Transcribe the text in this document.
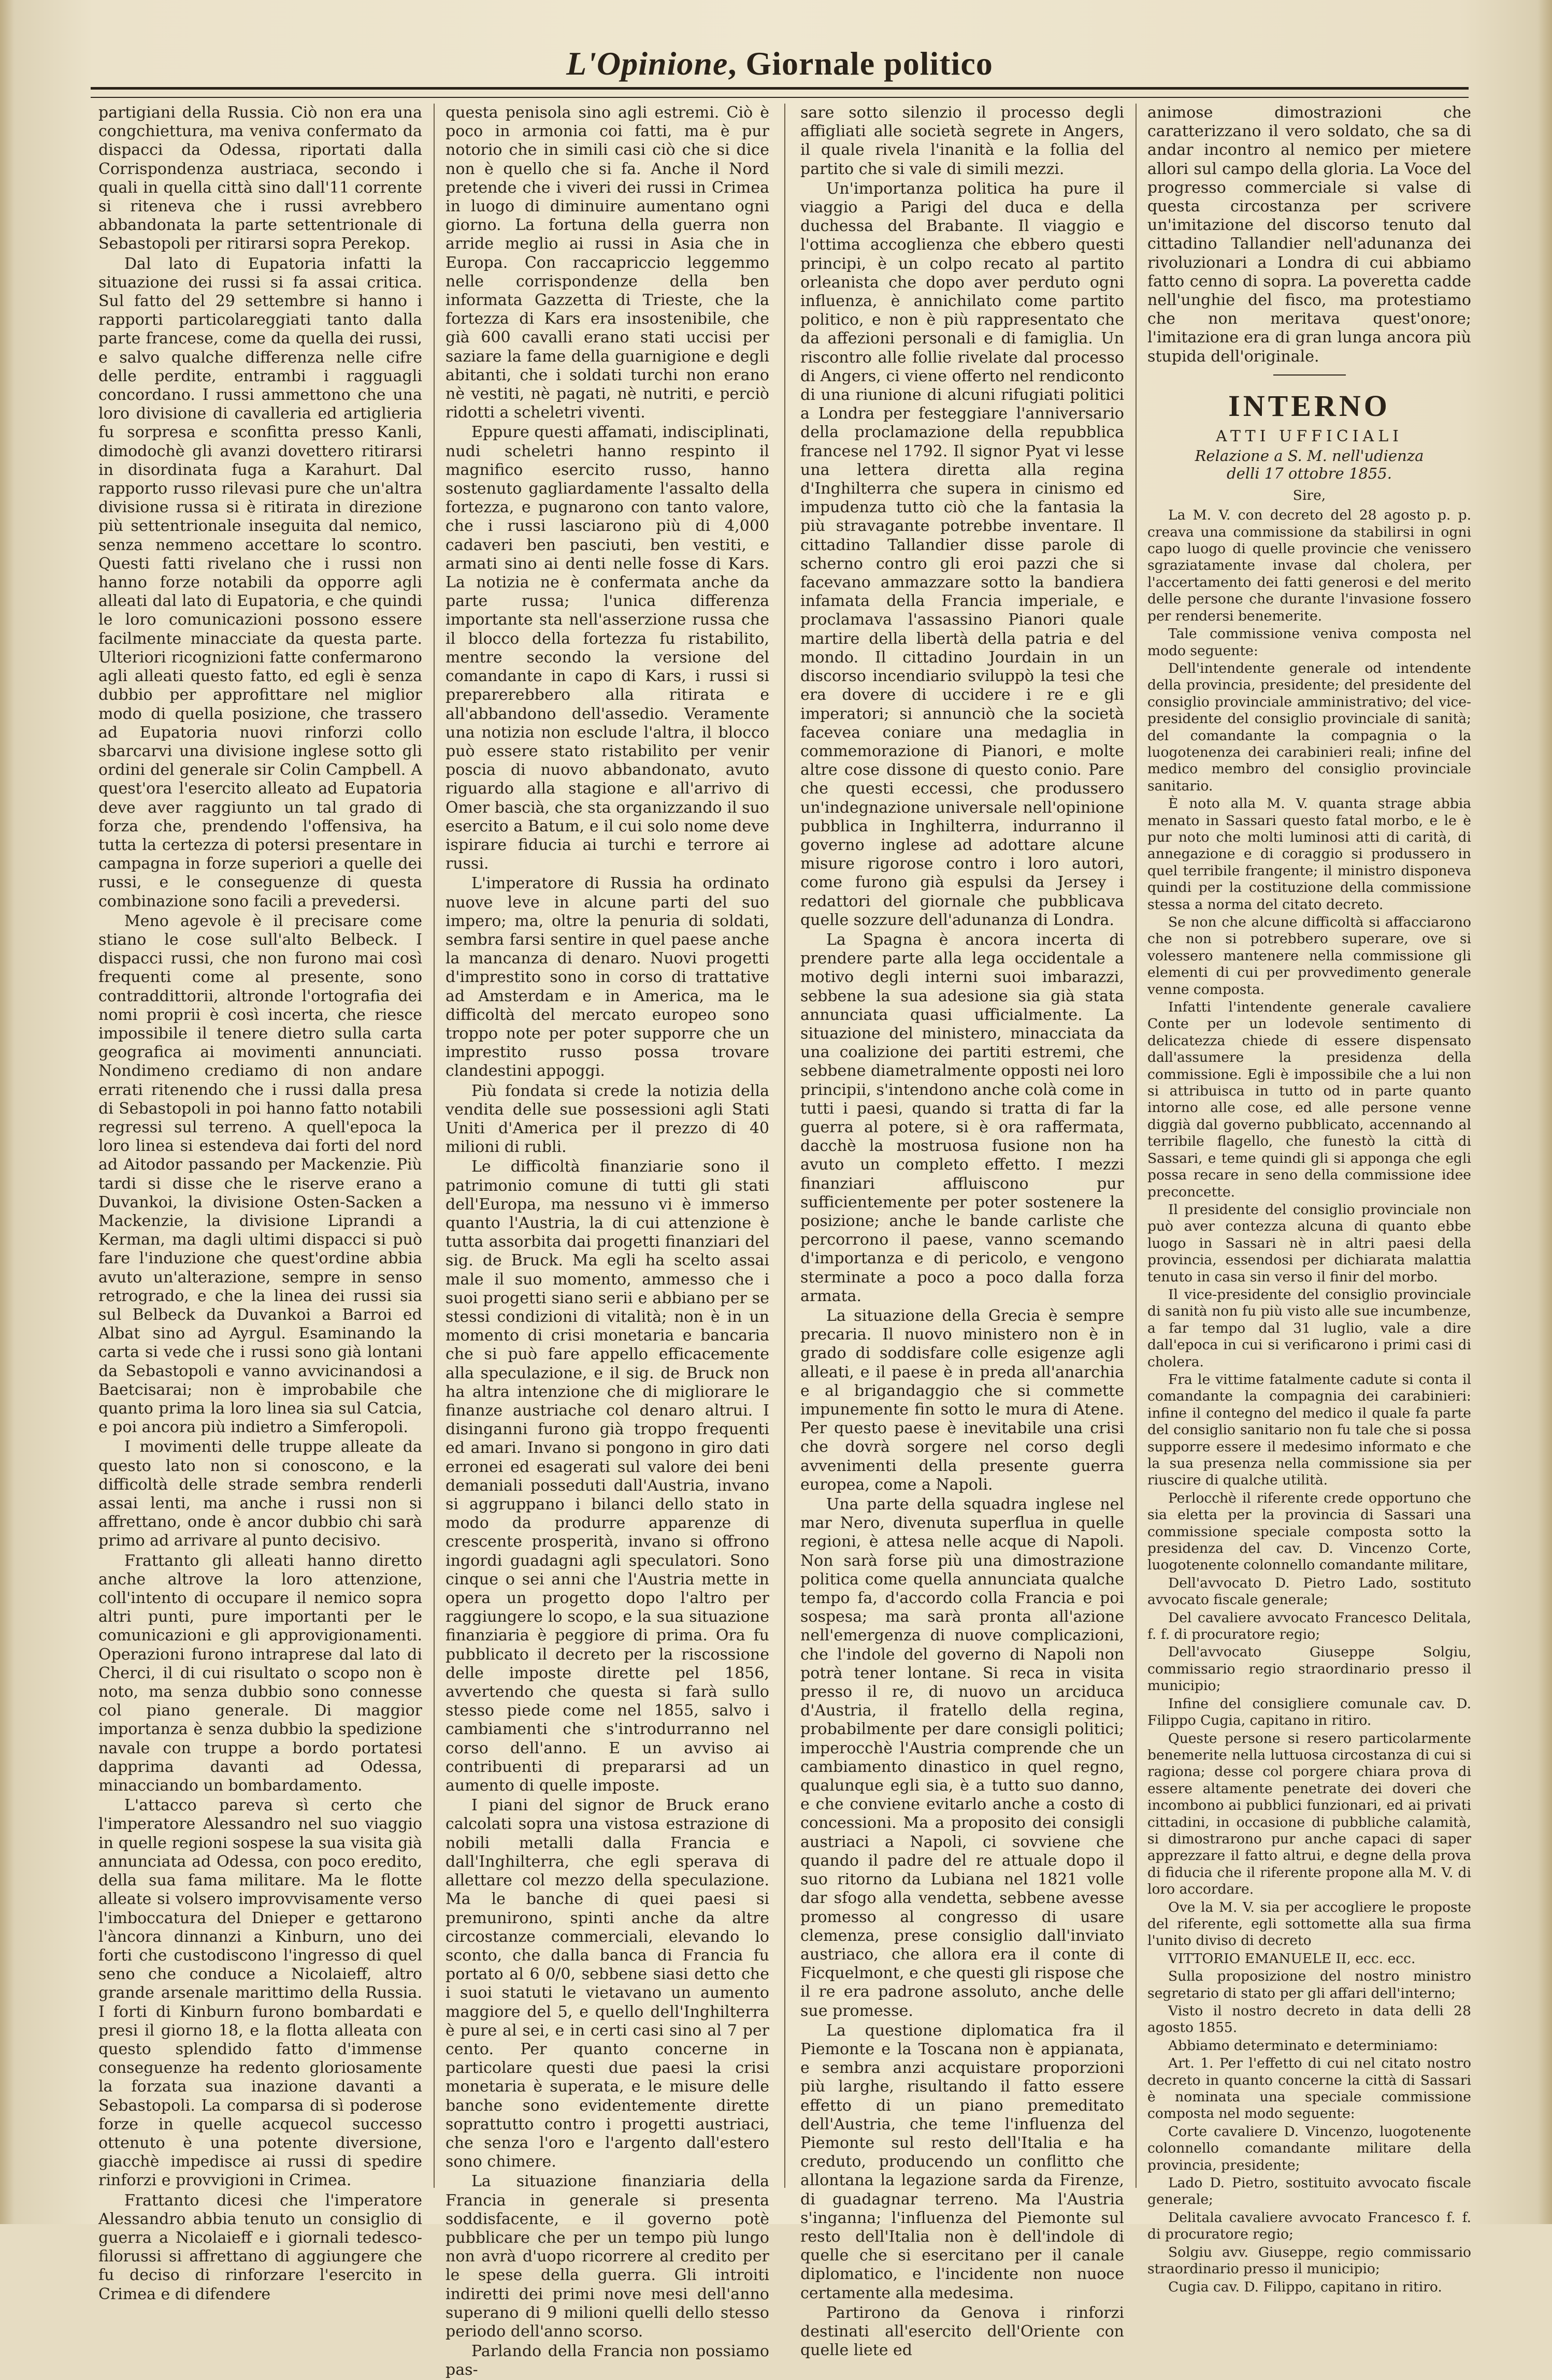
L'Opinione, Giornale politico

partigiani della Russia. Ciò non era una congchiettura, ma veniva confermato da dispacci da Odessa, riportati dalla Corrispondenza austriaca, secondo i quali in quella città sino dall'11 corrente si riteneva che i russi avrebbero abbandonata la parte settentrionale di Sebastopoli per ritirarsi sopra Perekop.

Dal lato di Eupatoria infatti la situazione dei russi si fa assai critica. Sul fatto del 29 settembre si hanno i rapporti particolareggiati tanto dalla parte francese, come da quella dei russi, e salvo qualche differenza nelle cifre delle perdite, entrambi i ragguagli concordano. I russi ammettono che una loro divisione di cavalleria ed artiglieria fu sorpresa e sconfitta presso Kanli, dimodochè gli avanzi dovettero ritirarsi in disordinata fuga a Karahurt. Dal rapporto russo rilevasi pure che un'altra divisione russa si è ritirata in direzione più settentrionale inseguita dal nemico, senza nemmeno accettare lo scontro. Questi fatti rivelano che i russi non hanno forze notabili da opporre agli alleati dal lato di Eupatoria, e che quindi le loro comunicazioni possono essere facilmente minacciate da questa parte. Ulteriori ricognizioni fatte confermarono agli alleati questo fatto, ed egli è senza dubbio per approfittare nel miglior modo di quella posizione, che trassero ad Eupatoria nuovi rinforzi collo sbarcarvi una divisione inglese sotto gli ordini del generale sir Colin Campbell. A quest'ora l'esercito alleato ad Eupatoria deve aver raggiunto un tal grado di forza che, prendendo l'offensiva, ha tutta la certezza di potersi presentare in campagna in forze superiori a quelle dei russi, e le conseguenze di questa combinazione sono facili a prevedersi.

Meno agevole è il precisare come stiano le cose sull'alto Belbeck. I dispacci russi, che non furono mai così frequenti come al presente, sono contraddittorii, altronde l'ortografia dei nomi proprii è così incerta, che riesce impossibile il tenere dietro sulla carta geografica ai movimenti annunciati. Nondimeno crediamo di non andare errati ritenendo che i russi dalla presa di Sebastopoli in poi hanno fatto notabili regressi sul terreno. A quell'epoca la loro linea si estendeva dai forti del nord ad Aitodor passando per Mackenzie. Più tardi si disse che le riserve erano a Duvankoi, la divisione Osten-Sacken a Mackenzie, la divisione Liprandi a Kerman, ma dagli ultimi dispacci si può fare l'induzione che quest'ordine abbia avuto un'alterazione, sempre in senso retrogrado, e che la linea dei russi sia sul Belbeck da Duvankoi a Barroi ed Albat sino ad Ayrgul. Esaminando la carta si vede che i russi sono già lontani da Sebastopoli e vanno avvicinandosi a Baetcisarai; non è improbabile che quanto prima la loro linea sia sul Catcia, e poi ancora più indietro a Simferopoli.

I movimenti delle truppe alleate da questo lato non si conoscono, e la difficoltà delle strade sembra renderli assai lenti, ma anche i russi non si affrettano, onde è ancor dubbio chi sarà primo ad arrivare al punto decisivo.

Frattanto gli alleati hanno diretto anche altrove la loro attenzione, coll'intento di occupare il nemico sopra altri punti, pure importanti per le comunicazioni e gli approvigionamenti. Operazioni furono intraprese dal lato di Cherci, il di cui risultato o scopo non è noto, ma senza dubbio sono connesse col piano generale. Di maggior importanza è senza dubbio la spedizione navale con truppe a bordo portatesi dapprima davanti ad Odessa, minacciando un bombardamento.

L'attacco pareva sì certo che l'imperatore Alessandro nel suo viaggio in quelle regioni sospese la sua visita già annunciata ad Odessa, con poco eredito, della sua fama militare. Ma le flotte alleate si volsero improvvisamente verso l'imboccatura del Dnieper e gettarono l'àncora dinnanzi a Kinburn, uno dei forti che custodiscono l'ingresso di quel seno che conduce a Nicolaieff, altro grande arsenale marittimo della Russia. I forti di Kinburn furono bombardati e presi il giorno 18, e la flotta alleata con questo splendido fatto d'immense conseguenze ha redento gloriosamente la forzata sua inazione davanti a Sebastopoli. La comparsa di sì poderose forze in quelle acquecol successo ottenuto è una potente diversione, giacchè impedisce ai russi di spedire rinforzi e provvigioni in Crimea.

Frattanto dicesi che l'imperatore Alessandro abbia tenuto un consiglio di guerra a Nicolaieff e i giornali tedesco-filorussi si affrettano di aggiungere che fu deciso di rinforzare l'esercito in Crimea e di difendere

questa penisola sino agli estremi. Ciò è poco in armonia coi fatti, ma è pur notorio che in simili casi ciò che si dice non è quello che si fa. Anche il Nord pretende che i viveri dei russi in Crimea in luogo di diminuire aumentano ogni giorno. La fortuna della guerra non arride meglio ai russi in Asia che in Europa. Con raccapriccio leggemmo nelle corrispondenze della ben informata Gazzetta di Trieste, che la fortezza di Kars era insostenibile, che già 600 cavalli erano stati uccisi per saziare la fame della guarnigione e degli abitanti, che i soldati turchi non erano nè vestiti, nè pagati, nè nutriti, e perciò ridotti a scheletri viventi.

Eppure questi affamati, indisciplinati, nudi scheletri hanno respinto il magnifico esercito russo, hanno sostenuto gagliardamente l'assalto della fortezza, e pugnarono con tanto valore, che i russi lasciarono più di 4,000 cadaveri ben pasciuti, ben vestiti, e armati sino ai denti nelle fosse di Kars. La notizia ne è confermata anche da parte russa; l'unica differenza importante sta nell'asserzione russa che il blocco della fortezza fu ristabilito, mentre secondo la versione del comandante in capo di Kars, i russi si preparerebbero alla ritirata e all'abbandono dell'assedio. Veramente una notizia non esclude l'altra, il blocco può essere stato ristabilito per venir poscia di nuovo abbandonato, avuto riguardo alla stagione e all'arrivo di Omer bascià, che sta organizzando il suo esercito a Batum, e il cui solo nome deve ispirare fiducia ai turchi e terrore ai russi.

L'imperatore di Russia ha ordinato nuove leve in alcune parti del suo impero; ma, oltre la penuria di soldati, sembra farsi sentire in quel paese anche la mancanza di denaro. Nuovi progetti d'imprestito sono in corso di trattative ad Amsterdam e in America, ma le difficoltà del mercato europeo sono troppo note per poter supporre che un imprestito russo possa trovare clandestini appoggi.

Più fondata si crede la notizia della vendita delle sue possessioni agli Stati Uniti d'America per il prezzo di 40 milioni di rubli.

Le difficoltà finanziarie sono il patrimonio comune di tutti gli stati dell'Europa, ma nessuno vi è immerso quanto l'Austria, la di cui attenzione è tutta assorbita dai progetti finanziari del sig. de Bruck. Ma egli ha scelto assai male il suo momento, ammesso che i suoi progetti siano serii e abbiano per se stessi condizioni di vitalità; non è in un momento di crisi monetaria e bancaria che si può fare appello efficacemente alla speculazione, e il sig. de Bruck non ha altra intenzione che di migliorare le finanze austriache col denaro altrui. I disinganni furono già troppo frequenti ed amari. Invano si pongono in giro dati erronei ed esagerati sul valore dei beni demaniali posseduti dall'Austria, invano si aggruppano i bilanci dello stato in modo da produrre apparenze di crescente prosperità, invano si offrono ingordi guadagni agli speculatori. Sono cinque o sei anni che l'Austria mette in opera un progetto dopo l'altro per raggiungere lo scopo, e la sua situazione finanziaria è peggiore di prima. Ora fu pubblicato il decreto per la riscossione delle imposte dirette pel 1856, avvertendo che questa si farà sullo stesso piede come nel 1855, salvo i cambiamenti che s'introdurranno nel corso dell'anno. E un avviso ai contribuenti di prepararsi ad un aumento di quelle imposte.

I piani del signor de Bruck erano calcolati sopra una vistosa estrazione di nobili metalli dalla Francia e dall'Inghilterra, che egli sperava di allettare col mezzo della speculazione. Ma le banche di quei paesi si premunirono, spinti anche da altre circostanze commerciali, elevando lo sconto, che dalla banca di Francia fu portato al 6 0/0, sebbene siasi detto che i suoi statuti le vietavano un aumento maggiore del 5, e quello dell'Inghilterra è pure al sei, e in certi casi sino al 7 per cento. Per quanto concerne in particolare questi due paesi la crisi monetaria è superata, e le misure delle banche sono evidentemente dirette soprattutto contro i progetti austriaci, che senza l'oro e l'argento dall'estero sono chimere.

La situazione finanziaria della Francia in generale si presenta soddisfacente, e il governo potè pubblicare che per un tempo più lungo non avrà d'uopo ricorrere al credito per le spese della guerra. Gli introiti indiretti dei primi nove mesi dell'anno superano di 9 milioni quelli dello stesso periodo dell'anno scorso.

Parlando della Francia non possiamo pas-

sare sotto silenzio il processo degli affigliati alle società segrete in Angers, il quale rivela l'inanità e la follia del partito che si vale di simili mezzi.

Un'importanza politica ha pure il viaggio a Parigi del duca e della duchessa del Brabante. Il viaggio e l'ottima accoglienza che ebbero questi principi, è un colpo recato al partito orleanista che dopo aver perduto ogni influenza, è annichilato come partito politico, e non è più rappresentato che da affezioni personali e di famiglia. Un riscontro alle follie rivelate dal processo di Angers, ci viene offerto nel rendiconto di una riunione di alcuni rifugiati politici a Londra per festeggiare l'anniversario della proclamazione della repubblica francese nel 1792. Il signor Pyat vi lesse una lettera diretta alla regina d'Inghilterra che supera in cinismo ed impudenza tutto ciò che la fantasia la più stravagante potrebbe inventare. Il cittadino Tallandier disse parole di scherno contro gli eroi pazzi che si facevano ammazzare sotto la bandiera infamata della Francia imperiale, e proclamava l'assassino Pianori quale martire della libertà della patria e del mondo. Il cittadino Jourdain in un discorso incendiario sviluppò la tesi che era dovere di uccidere i re e gli imperatori; si annunciò che la società facevea coniare una medaglia in commemorazione di Pianori, e molte altre cose dissone di questo conio. Pare che questi eccessi, che produssero un'indegnazione universale nell'opinione pubblica in Inghilterra, indurranno il governo inglese ad adottare alcune misure rigorose contro i loro autori, come furono già espulsi da Jersey i redattori del giornale che pubblicava quelle sozzure dell'adunanza di Londra.

La Spagna è ancora incerta di prendere parte alla lega occidentale a motivo degli interni suoi imbarazzi, sebbene la sua adesione sia già stata annunciata quasi ufficialmente. La situazione del ministero, minacciata da una coalizione dei partiti estremi, che sebbene diametralmente opposti nei loro principii, s'intendono anche colà come in tutti i paesi, quando si tratta di far la guerra al potere, si è ora raffermata, dacchè la mostruosa fusione non ha avuto un completo effetto. I mezzi finanziari affluiscono pur sufficientemente per poter sostenere la posizione; anche le bande carliste che percorrono il paese, vanno scemando d'importanza e di pericolo, e vengono sterminate a poco a poco dalla forza armata.

La situazione della Grecia è sempre precaria. Il nuovo ministero non è in grado di soddisfare colle esigenze agli alleati, e il paese è in preda all'anarchia e al brigandaggio che si commette impunemente fin sotto le mura di Atene. Per questo paese è inevitabile una crisi che dovrà sorgere nel corso degli avvenimenti della presente guerra europea, come a Napoli.

Una parte della squadra inglese nel mar Nero, divenuta superflua in quelle regioni, è attesa nelle acque di Napoli. Non sarà forse più una dimostrazione politica come quella annunciata qualche tempo fa, d'accordo colla Francia e poi sospesa; ma sarà pronta all'azione nell'emergenza di nuove complicazioni, che l'indole del governo di Napoli non potrà tener lontane. Si reca in visita presso il re, di nuovo un arciduca d'Austria, il fratello della regina, probabilmente per dare consigli politici; imperocchè l'Austria comprende che un cambiamento dinastico in quel regno, qualunque egli sia, è a tutto suo danno, e che conviene evitarlo anche a costo di concessioni. Ma a proposito dei consigli austriaci a Napoli, ci sovviene che quando il padre del re attuale dopo il suo ritorno da Lubiana nel 1821 volle dar sfogo alla vendetta, sebbene avesse promesso al congresso di usare clemenza, prese consiglio dall'inviato austriaco, che allora era il conte di Ficquelmont, e che questi gli rispose che il re era padrone assoluto, anche delle sue promesse.

La questione diplomatica fra il Piemonte e la Toscana non è appianata, e sembra anzi acquistare proporzioni più larghe, risultando il fatto essere effetto di un piano premeditato dell'Austria, che teme l'influenza del Piemonte sul resto dell'Italia e ha creduto, producendo un conflitto che allontana la legazione sarda da Firenze, di guadagnar terreno. Ma l'Austria s'inganna; l'influenza del Piemonte sul resto dell'Italia non è dell'indole di quelle che si esercitano per il canale diplomatico, e l'incidente non nuoce certamente alla medesima.

Partirono da Genova i rinforzi destinati all'esercito dell'Oriente con quelle liete ed

animose dimostrazioni che caratterizzano il vero soldato, che sa di andar incontro al nemico per mietere allori sul campo della gloria. La Voce del progresso commerciale si valse di questa circostanza per scrivere un'imitazione del discorso tenuto dal cittadino Tallandier nell'adunanza dei rivoluzionari a Londra di cui abbiamo fatto cenno di sopra. La poveretta cadde nell'unghie del fisco, ma protestiamo che non meritava quest'onore; l'imitazione era di gran lunga ancora più stupida dell'originale.

INTERNO
ATTI UFFICIALI
Relazione a S. M. nell'udienza
delli 17 ottobre 1855.
Sire,

La M. V. con decreto del 28 agosto p. p. creava una commissione da stabilirsi in ogni capo luogo di quelle provincie che venissero sgraziatamente invase dal cholera, per l'accertamento dei fatti generosi e del merito delle persone che durante l'invasione fossero per rendersi benemerite.

Tale commissione veniva composta nel modo seguente:

Dell'intendente generale od intendente della provincia, presidente; del presidente del consiglio provinciale amministrativo; del vice-presidente del consiglio provinciale di sanità; del comandante la compagnia o la luogotenenza dei carabinieri reali; infine del medico membro del consiglio provinciale sanitario.

È noto alla M. V. quanta strage abbia menato in Sassari questo fatal morbo, e le è pur noto che molti luminosi atti di carità, di annegazione e di coraggio si produssero in quel terribile frangente; il ministro disponeva quindi per la costituzione della commissione stessa a norma del citato decreto.

Se non che alcune difficoltà si affacciarono che non si potrebbero superare, ove si volessero mantenere nella commissione gli elementi di cui per provvedimento generale venne composta.

Infatti l'intendente generale cavaliere Conte per un lodevole sentimento di delicatezza chiede di essere dispensato dall'assumere la presidenza della commissione. Egli è impossibile che a lui non si attribuisca in tutto od in parte quanto intorno alle cose, ed alle persone venne diggià dal governo pubblicato, accennando al terribile flagello, che funestò la città di Sassari, e teme quindi gli si apponga che egli possa recare in seno della commissione idee preconcette.

Il presidente del consiglio provinciale non può aver contezza alcuna di quanto ebbe luogo in Sassari nè in altri paesi della provincia, essendosi per dichiarata malattia tenuto in casa sin verso il finir del morbo.

Il vice-presidente del consiglio provinciale di sanità non fu più visto alle sue incumbenze, a far tempo dal 31 luglio, vale a dire dall'epoca in cui si verificarono i primi casi di cholera.

Fra le vittime fatalmente cadute si conta il comandante la compagnia dei carabinieri: infine il contegno del medico il quale fa parte del consiglio sanitario non fu tale che si possa supporre essere il medesimo informato e che la sua presenza nella commissione sia per riuscire di qualche utilità.

Perlocchè il riferente crede opportuno che sia eletta per la provincia di Sassari una commissione speciale composta sotto la presidenza del cav. D. Vincenzo Corte, luogotenente colonnello comandante militare,

Dell'avvocato D. Pietro Lado, sostituto avvocato fiscale generale;

Del cavaliere avvocato Francesco Delitala, f. f. di procuratore regio;

Dell'avvocato Giuseppe Solgiu, commissario regio straordinario presso il municipio;

Infine del consigliere comunale cav. D. Filippo Cugia, capitano in ritiro.

Queste persone si resero particolarmente benemerite nella luttuosa circostanza di cui si ragiona; desse col porgere chiara prova di essere altamente penetrate dei doveri che incombono ai pubblici funzionari, ed ai privati cittadini, in occasione di pubbliche calamità, si dimostrarono pur anche capaci di saper apprezzare il fatto altrui, e degne della prova di fiducia che il riferente propone alla M. V. di loro accordare.

Ove la M. V. sia per accogliere le proposte del riferente, egli sottomette alla sua firma l'unito diviso di decreto

VITTORIO EMANUELE II, ecc. ecc.

Sulla proposizione del nostro ministro segretario di stato per gli affari dell'interno;

Visto il nostro decreto in data delli 28 agosto 1855.

Abbiamo determinato e determiniamo:

Art. 1. Per l'effetto di cui nel citato nostro decreto in quanto concerne la città di Sassari è nominata una speciale commissione composta nel modo seguente:

Corte cavaliere D. Vincenzo, luogotenente colonnello comandante militare della provincia, presidente;

Lado D. Pietro, sostituito avvocato fiscale generale;

Delitala cavaliere avvocato Francesco f. f. di procuratore regio;

Solgiu avv. Giuseppe, regio commissario straordinario presso il municipio;

Cugia cav. D. Filippo, capitano in ritiro.
